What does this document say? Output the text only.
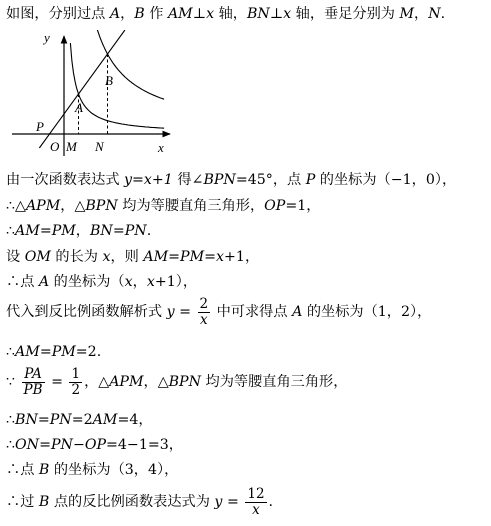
如图，分别过点 A，B 作 AM⊥x 轴，BN⊥x 轴，垂足分别为 M，N.
y
x
O M N
P
A
B
由一次函数表达式 y=x+1 得∠BPN=45°，点 P 的坐标为（−1，0），
∴△APM，△BPN 均为等腰直角三角形，OP=1，
∴AM=PM，BN=PN.
设 OM 的长为 x，则 AM=PM=x+1，
∴点 A 的坐标为（x，x+1），
代入到反比例函数解析式 $y = \frac{2}{x}$ 中可求得点 A 的坐标为（1，2），
∴AM=PM=2.
∵ $\frac{PA}{PB} = \frac{1}{2}$ ，△APM，△BPN 均为等腰直角三角形，
∴BN=PN=2AM=4，
∴ON=PN−OP=4−1=3，
∴点 B 的坐标为（3，4），
∴过 B 点的反比例函数表达式为 $y = \frac{12}{x}$ .
